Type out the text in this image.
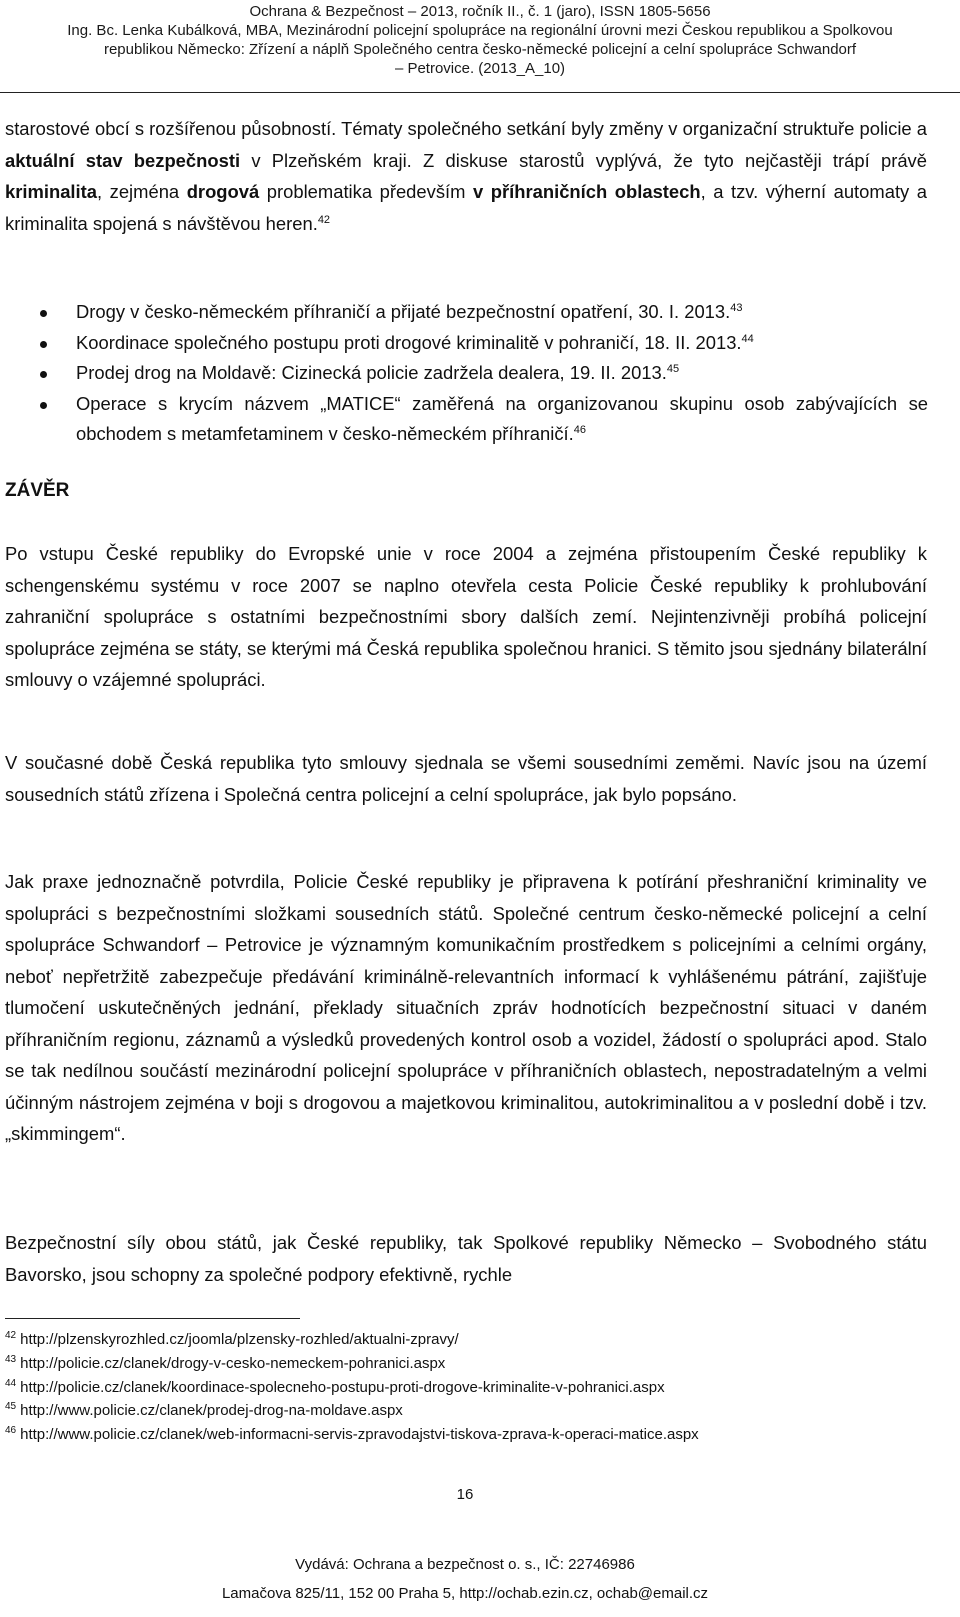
Ochrana & Bezpečnost – 2013, ročník II., č. 1 (jaro), ISSN 1805-5656
Ing. Bc. Lenka Kubálková, MBA, Mezinárodní policejní spolupráce na regionální úrovni mezi Českou republikou a Spolkovou
republikou Německo: Zřízení a náplň Společného centra česko-německé policejní a celní spolupráce Schwandorf
– Petrovice. (2013_A_10)

starostové obcí s rozšířenou působností. Tématy společného setkání byly změny v organizační struktuře policie a aktuální stav bezpečnosti v Plzeňském kraji. Z diskuse starostů vyplývá, že tyto nejčastěji trápí právě kriminalita, zejména drogová problematika především v příhraničních oblastech, a tzv. výherní automaty a kriminalita spojená s návštěvou heren.$^{42}$

Drogy v česko-německém příhraničí a přijaté bezpečnostní opatření, 30. I. 2013.43
Koordinace společného postupu proti drogové kriminalitě v pohraničí, 18. II. 2013.44
Prodej drog na Moldavě: Cizinecká policie zadržela dealera, 19. II. 2013.45
Operace s krycím názvem „MATICE“ zaměřená na organizovanou skupinu osob zabývajících se obchodem s metamfetaminem v česko-německém příhraničí.$^{46}$
ZÁVĚR

Po vstupu České republiky do Evropské unie v roce 2004 a zejména přistoupením České republiky k schengenskému systému v roce 2007 se naplno otevřela cesta Policie České republiky k prohlubování zahraniční spolupráce s ostatními bezpečnostními sbory dalších zemí. Nejintenzivněji probíhá policejní spolupráce zejména se státy, se kterými má Česká republika společnou hranici. S těmito jsou sjednány bilaterální smlouvy o vzájemné spolupráci.

V současné době Česká republika tyto smlouvy sjednala se všemi sousedními zeměmi. Navíc jsou na území sousedních států zřízena i Společná centra policejní a celní spolupráce, jak bylo popsáno.

Jak praxe jednoznačně potvrdila, Policie České republiky je připravena k potírání přeshraniční kriminality ve spolupráci s bezpečnostními složkami sousedních států. Společné centrum česko-německé policejní a celní spolupráce Schwandorf – Petrovice je významným komunikačním prostředkem s policejními a celními orgány, neboť nepřetržitě zabezpečuje předávání kriminálně-relevantních informací k vyhlášenému pátrání, zajišťuje tlumočení uskutečněných jednání, překlady situačních zpráv hodnotících bezpečnostní situaci v daném příhraničním regionu, záznamů a výsledků provedených kontrol osob a vozidel, žádostí o spolupráci apod. Stalo se tak nedílnou součástí mezinárodní policejní spolupráce v příhraničních oblastech, nepostradatelným a velmi účinným nástrojem zejména v boji s drogovou a majetkovou kriminalitou, autokriminalitou a v poslední době i tzv. „skimmingem“.

Bezpečnostní síly obou států, jak České republiky, tak Spolkové republiky Německo – Svobodného státu Bavorsko, jsou schopny za společné podpory efektivně, rychle

$^{42}$ http://plzenskyrozhled.cz/joomla/plzensky-rozhled/aktualni-zpravy/
$^{43}$ http://policie.cz/clanek/drogy-v-cesko-nemeckem-pohranici.aspx
$^{44}$ http://policie.cz/clanek/koordinace-spolecneho-postupu-proti-drogove-kriminalite-v-pohranici.aspx
$^{45}$ http://www.policie.cz/clanek/prodej-drog-na-moldave.aspx
$^{46}$ http://www.policie.cz/clanek/web-informacni-servis-zpravodajstvi-tiskova-zprava-k-operaci-matice.aspx
16
Vydává: Ochrana a bezpečnost o. s., IČ: 22746986
Lamačova 825/11, 152 00 Praha 5, http://ochab.ezin.cz, ochab@email.cz
